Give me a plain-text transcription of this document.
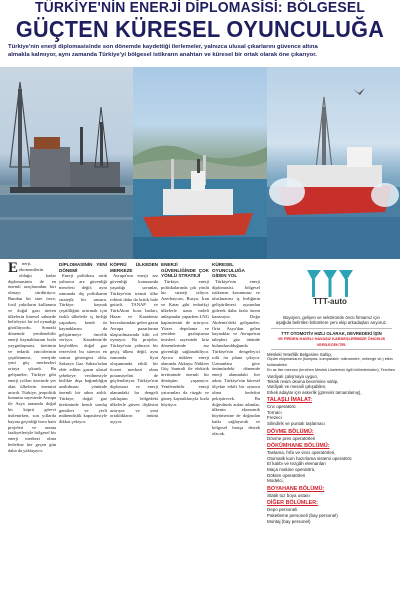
TÜRKİYE'NİN ENERJİ DİPLOMASİSİ: BÖLGESEL
GÜÇTEN KÜRESEL OYUNCULUĞA
Türkiye'nin enerji diplomasisinde son dönemde kaydettiği ilerlemeler, yalnızca ulusal çıkarlarını güvence altına
almakla kalmıyor, aynı zamanda Türkiye'yi bölgesel istikrarın anahtarı ve küresel bir ortak olarak öne çıkarıyor.
E nerji, ekonomilerin olduğu kadar diplomasinin de en önemli araçlarından biri olmayı sürdürüyor. Bundan bir süre önce, fosil yakıtların kullanımı ve doğal gazı üreten ülkelerin küresel sahnede belirleyici bir rol oynadığı görülüyordu. Sonraki dönemde yenilenebilir enerji kaynaklarının hızla yaygınlaşması, üretimin ve tedarik zincirlerinin çeşitlenmesi, enerjide yeni güç merkezleri ortaya çıkardı. Bu gelişmeler, Türkiye gibi enerji yolları üzerinde yer alan ülkelerin önemini artırdı. Türkiye, jeopolitik konumu sayesinde Avrupa ile Asya arasında doğal bir köprü görevi üstlenirken, son yıllarda hayata geçirdiği boru hattı projeleri ve arama faaliyetleriyle bölgesel bir enerji merkezi olma hedefine her geçen gün daha da yaklaşıyor.

DİPLOMASİNİN YENİ DÖNEMİ

Enerji politikası artık yalnızca arz güvenliği meselesi değil; aynı zamanda dış politikanın stratejik bir unsuru. Türkiye, kaynak çeşitliliğini artırmak için farklı ülkelerle iş birliği yaparken, kendi öz kaynaklarını da geliştirmeye öncelik veriyor. Karadeniz'de keşfedilen doğal gaz rezervleri bu sürecin en somut göstergesi oldu. Sakarya Gaz Sahası'ndan elde edilen gazın ulusal şebekeye verilmesiyle birlikte dışa bağımlılığın azaltılması yönünde önemli bir adım atıldı. Türkiye, doğal gaz üretiminde kendi sondaj gemileri ve yerli mühendislik kapasitesiyle dikkat çekiyor.

KÖPRÜ ÜLKEDEN MERKEZE

Avrupa'nın enerji arz güvenliği konusunda yaşadığı sorunlar, Türkiye'nin transit ülke rolünü daha da kritik hale getirdi. TANAP ve TürkAkım boru hatları, Hazar ve Karadeniz havzalarından gelen gazın Avrupa pazarlarına ulaştırılmasında kilit rol oynuyor. Bu projeler, Türkiye'nin yalnızca bir geçiş ülkesi değil, aynı zamanda fiyat oluşumunda etkili bir ticaret merkezi olma potansiyelini de güçlendiriyor. Türkiye'nin diplomasi ve enerji alanındaki bu dengeli yaklaşımı bölgedeki ülkelerle güven ilişkisini artırıyor ve yeni ortaklıkların önünü açıyor.

ENERJİ GÜVENLİĞİNDE ÇOK YÖNLÜ STRATEJİ

Türkiye, enerji politikalarında çok yönlü bir strateji izliyor. Azerbaycan, Rusya, İran ve Katar gibi tedarikçi ülkelerle uzun vadeli anlaşmalar yaparken LNG kapasitesini de artırıyor. Yüzer depolama ve yeniden gazlaştırma tesisleri sayesinde kriz dönemlerinde arz güvenliği sağlanabiliyor. Ayrıca nükleer enerji alanında Akkuyu Nükleer Güç Santrali ile elektrik üretiminde önemli bir dönüşüm yaşanıyor. Yenilenebilir enerji yatırımları da rüzgâr ve güneş kaynaklarıyla hızla büyüyor.

KÜRESEL OYUNCULUĞA GİDEN YOL

Türkiye'nin enerji diplomasisi, bölgesel istikrarın korunması ve uluslararası iş birliğinin geliştirilmesi açısından giderek daha fazla önem kazanıyor. Doğu Akdeniz'deki gelişmeler, Orta Asya'dan gelen kaynaklar ve Avrupa'nın talepleri göz önünde bulundurulduğunda Türkiye'nin dengeleyici rolü ön plana çıkıyor. Uzmanlara göre önümüzdeki dönemde enerji alanındaki her adım, Türkiye'nin küresel ölçekte etkili bir oyuncu olma hedefini pekiştirecek. Bu doğrultuda atılan adımlar, ülkenin ekonomik büyümesine de doğrudan katkı sağlayacak ve bölgesel barışa destek olacak.

TTT-auto

Büyüyen, gelişen ve sektöründe öncü firmamız için

aşağıda belirtilen bölümlere yeni ekip arkadaşları arıyoruz.

TTT OTOMOTİV HIZLI OLARAK, DEVREDEKİ İŞİN

VE FİRDEN HAVELİ HAVASIZ KARDEŞLERİMİZE ÖNCELİK VERİLECEKTİR.

Mesleki Yeterlilik Belgesine Sahip,

Ölçüm ekipmanlarını (kumpas, komparatör, mikrometre, mihengir vb.) etkin kullanabilen

En az lise mezunu (tercihen Meslek Liselerinin ilgili bölümlerinden), Tercihen

Vardiyalı çalışmaya uygun,

Teknik resim okuma becerisine sahip,

Vardiyalı ve mesaili çalışabilen,

Erkek adaylar için askerlik (görevini tamamlamış),

TALAŞLI İMALAT:

Cnc operatörü

Tornacı

Frezeci

Silindirik ve puntalı taşlamacı

DÖVME BÖLÜMÜ:

Dövme pres operatörleri

DÖKÜMHANE BÖLÜMÜ:

Taslama, fırfa ve vinci operatörleri,

Otomatik kum hazırlama sistemi operatörü

El kalıbı ve tezgâh elemanları

Maça makine operatörü,

Döküm operatörleri

Modelci,

BOYAHANE BÖLÜMÜ:

Statik toz boya ustası

DİĞER BÖLÜMLER:

Depo personeli

Paketleme personeli (bay personel)

Montaj (bay personel)
